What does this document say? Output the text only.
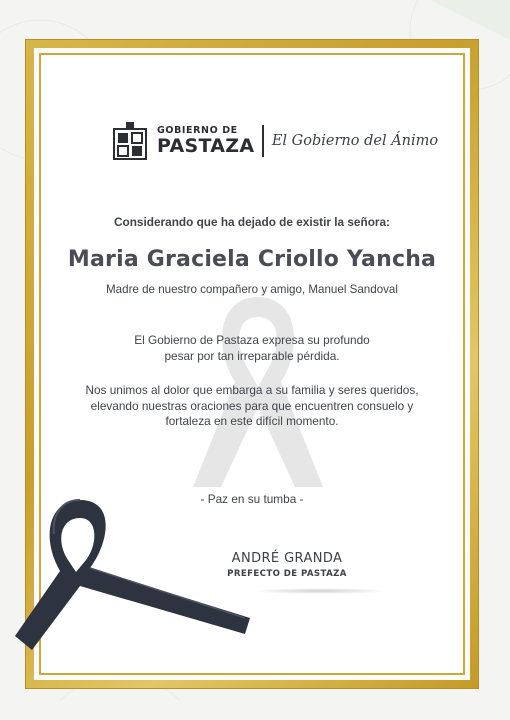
GOBIERNO DE
PASTAZA El Gobierno del Ánimo
Considerando que ha dejado de existir la señora:
Maria Graciela Criollo Yancha
Madre de nuestro compañero y amigo, Manuel Sandoval
El Gobierno de Pastaza expresa su profundo
pesar por tan irreparable pérdida.
Nos unimos al dolor que embarga a su familia y seres queridos,
elevando nuestras oraciones para que encuentren consuelo y
fortaleza en este difícil momento.
- Paz en su tumba -
ANDRÉ GRANDA
PREFECTO DE PASTAZA
